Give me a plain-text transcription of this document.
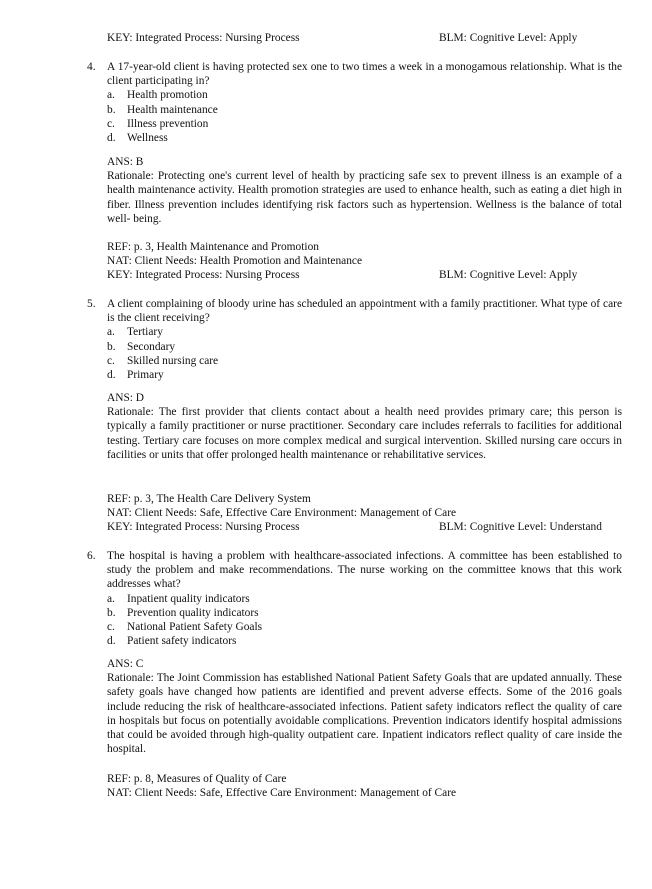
KEY: Integrated Process: Nursing Process	BLM: Cognitive Level: Apply
4. A 17-year-old client is having protected sex one to two times a week in a monogamous relationship. What is the client participating in?
a. Health promotion
b. Health maintenance
c. Illness prevention
d. Wellness
ANS: B
Rationale: Protecting one's current level of health by practicing safe sex to prevent illness is an example of a health maintenance activity. Health promotion strategies are used to enhance health, such as eating a diet high in fiber. Illness prevention includes identifying risk factors such as hypertension. Wellness is the balance of total well- being.
REF: p. 3, Health Maintenance and Promotion
NAT: Client Needs: Health Promotion and Maintenance
KEY: Integrated Process: Nursing Process	BLM: Cognitive Level: Apply
5. A client complaining of bloody urine has scheduled an appointment with a family practitioner. What type of care is the client receiving?
a. Tertiary
b. Secondary
c. Skilled nursing care
d. Primary
ANS: D
Rationale: The first provider that clients contact about a health need provides primary care; this person is typically a family practitioner or nurse practitioner. Secondary care includes referrals to facilities for additional testing. Tertiary care focuses on more complex medical and surgical intervention. Skilled nursing care occurs in facilities or units that offer prolonged health maintenance or rehabilitative services.
REF: p. 3, The Health Care Delivery System
NAT: Client Needs: Safe, Effective Care Environment: Management of Care
KEY: Integrated Process: Nursing Process	BLM: Cognitive Level: Understand
6. The hospital is having a problem with healthcare-associated infections. A committee has been established to study the problem and make recommendations. The nurse working on the committee knows that this work addresses what?
a. Inpatient quality indicators
b. Prevention quality indicators
c. National Patient Safety Goals
d. Patient safety indicators
ANS: C
Rationale: The Joint Commission has established National Patient Safety Goals that are updated annually. These safety goals have changed how patients are identified and prevent adverse effects. Some of the 2016 goals include reducing the risk of healthcare-associated infections. Patient safety indicators reflect the quality of care in hospitals but focus on potentially avoidable complications. Prevention indicators identify hospital admissions that could be avoided through high-quality outpatient care. Inpatient indicators reflect quality of care inside the hospital.
REF: p. 8, Measures of Quality of Care
NAT: Client Needs: Safe, Effective Care Environment: Management of Care
